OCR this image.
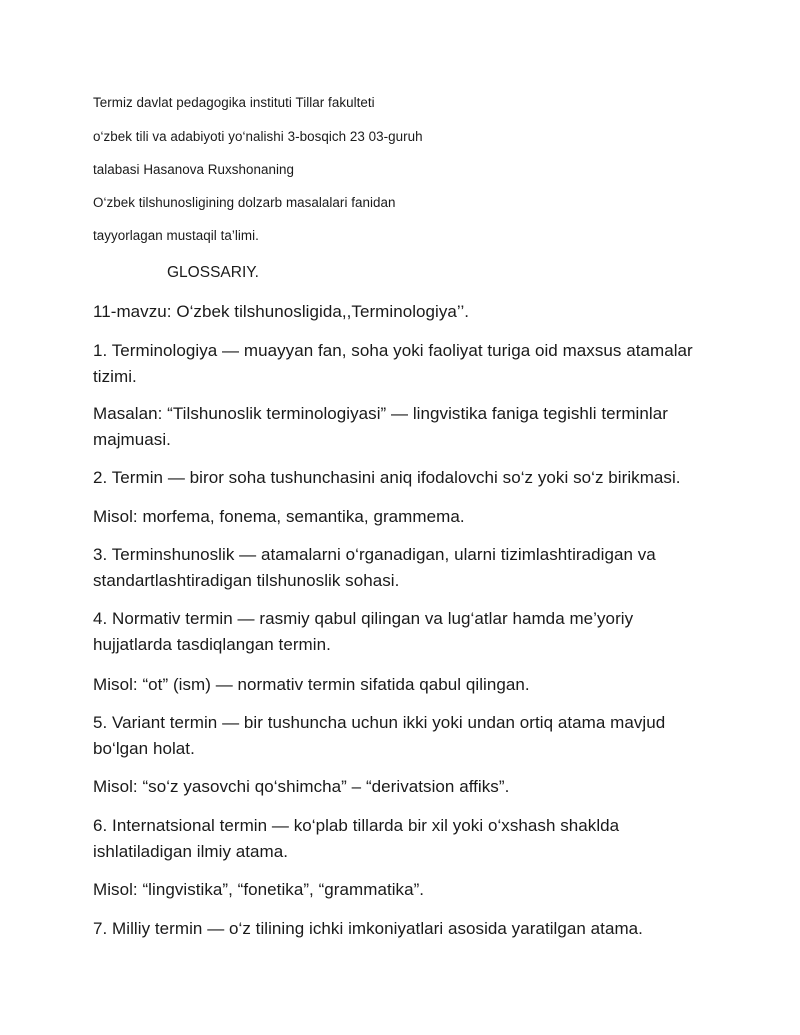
Termiz davlat pedagogika instituti Tillar fakulteti
o‘zbek tili va adabiyoti yo‘nalishi 3-bosqich 23 03-guruh
talabasi Hasanova Ruxshonaning
O‘zbek tilshunosligining dolzarb masalalari fanidan
tayyorlagan mustaqil ta’limi.
GLOSSARIY.
11-mavzu: O‘zbek tilshunosligida,,Terminologiya’’.
1. Terminologiya — muayyan fan, soha yoki faoliyat turiga oid maxsus atamalar tizimi.
Masalan: “Tilshunoslik terminologiyasi” — lingvistika faniga tegishli terminlar majmuasi.
2. Termin — biror soha tushunchasini aniq ifodalovchi so‘z yoki so‘z birikmasi.
Misol: morfema, fonema, semantika, grammema.
3. Terminshunoslik — atamalarni o‘rganadigan, ularni tizimlashtiradigan va standartlashtiradigan tilshunoslik sohasi.
4. Normativ termin — rasmiy qabul qilingan va lug‘atlar hamda me’yoriy hujjatlarda tasdiqlangan termin.
Misol: “ot” (ism) — normativ termin sifatida qabul qilingan.
5. Variant termin — bir tushuncha uchun ikki yoki undan ortiq atama mavjud bo‘lgan holat.
Misol: “so‘z yasovchi qo‘shimcha” – “derivatsion affiks”.
6. Internatsional termin — ko‘plab tillarda bir xil yoki o‘xshash shaklda ishlatiladigan ilmiy atama.
Misol: “lingvistika”, “fonetika”, “grammatika”.
7. Milliy termin — o‘z tilining ichki imkoniyatlari asosida yaratilgan atama.
